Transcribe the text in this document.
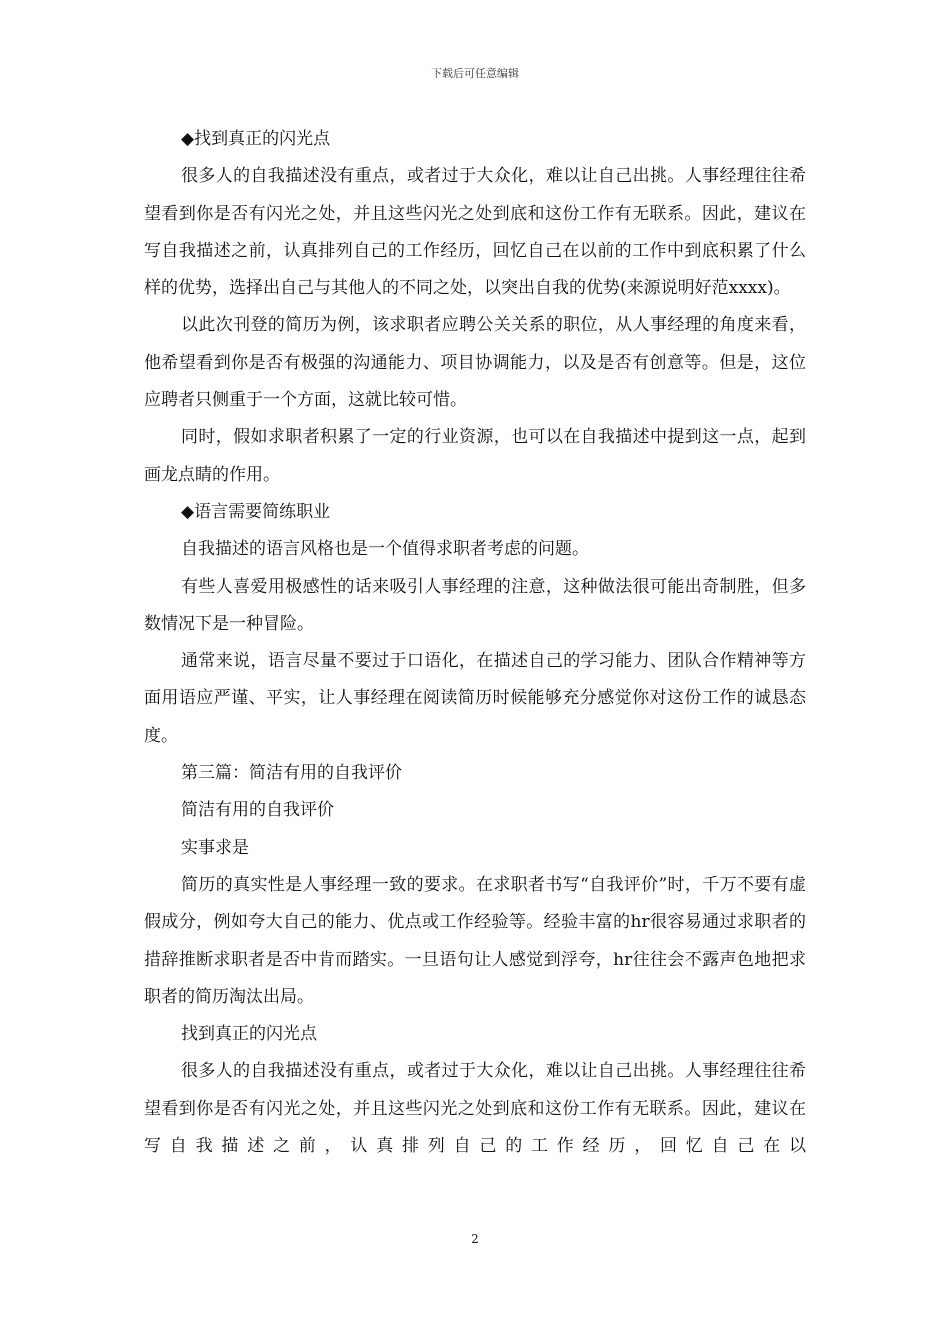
下载后可任意编辑

◆找到真正的闪光点

很多人的自我描述没有重点，或者过于大众化，难以让自己出挑。人事经理往往希望看到你是否有闪光之处，并且这些闪光之处到底和这份工作有无联系。因此，建议在写自我描述之前，认真排列自己的工作经历，回忆自己在以前的工作中到底积累了什么样的优势，选择出自己与其他人的不同之处，以突出自我的优势(来源说明好范xxxx)。

以此次刊登的简历为例，该求职者应聘公关关系的职位，从人事经理的角度来看，他希望看到你是否有极强的沟通能力、项目协调能力，以及是否有创意等。但是，这位应聘者只侧重于一个方面，这就比较可惜。

同时，假如求职者积累了一定的行业资源，也可以在自我描述中提到这一点，起到画龙点睛的作用。

◆语言需要简练职业

自我描述的语言风格也是一个值得求职者考虑的问题。

有些人喜爱用极感性的话来吸引人事经理的注意，这种做法很可能出奇制胜，但多数情况下是一种冒险。

通常来说，语言尽量不要过于口语化，在描述自己的学习能力、团队合作精神等方面用语应严谨、平实，让人事经理在阅读简历时候能够充分感觉你对这份工作的诚恳态度。

第三篇：简洁有用的自我评价

简洁有用的自我评价

实事求是

简历的真实性是人事经理一致的要求。在求职者书写“自我评价”时，千万不要有虚假成分，例如夸大自己的能力、优点或工作经验等。经验丰富的hr很容易通过求职者的措辞推断求职者是否中肯而踏实。一旦语句让人感觉到浮夸，hr往往会不露声色地把求职者的简历淘汰出局。

找到真正的闪光点

很多人的自我描述没有重点，或者过于大众化，难以让自己出挑。人事经理往往希望看到你是否有闪光之处，并且这些闪光之处到底和这份工作有无联系。因此，建议在写自我描述之前，认真排列自己的工作经历，回忆自己在以

2
